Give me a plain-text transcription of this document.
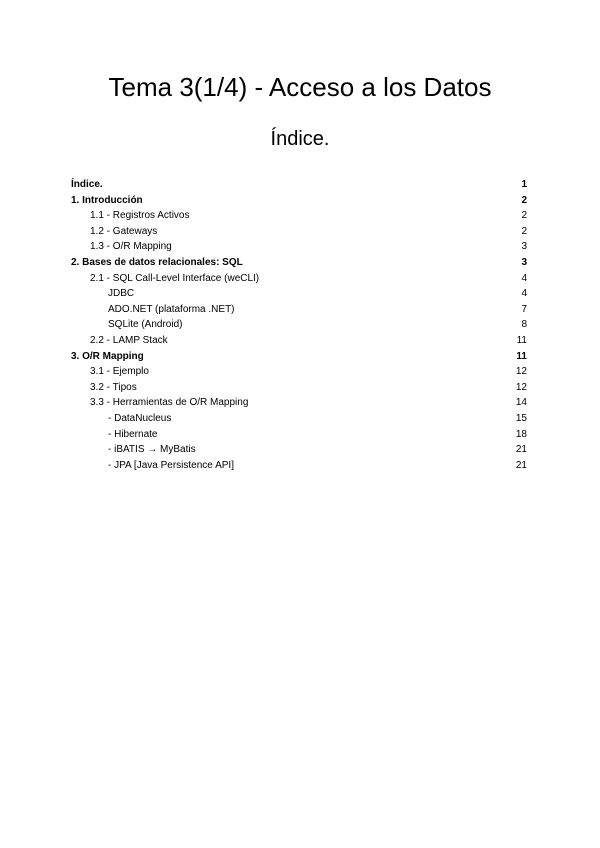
Tema 3(1/4) - Acceso a los Datos
Índice.
Índice.	1
1. Introducción	2
1.1 - Registros Activos	2
1.2 - Gateways	2
1.3 - O/R Mapping	3
2. Bases de datos relacionales: SQL	3
2.1 - SQL Call-Level Interface (weCLI)	4
JDBC	4
ADO.NET (plataforma .NET)	7
SQLite (Android)	8
2.2 - LAMP Stack	11
3. O/R Mapping	11
3.1 - Ejemplo	12
3.2 - Tipos	12
3.3 - Herramientas de O/R Mapping	14
- DataNucleus	15
- Hibernate	18
- iBATIS → MyBatis	21
- JPA [Java Persistence API]	21
